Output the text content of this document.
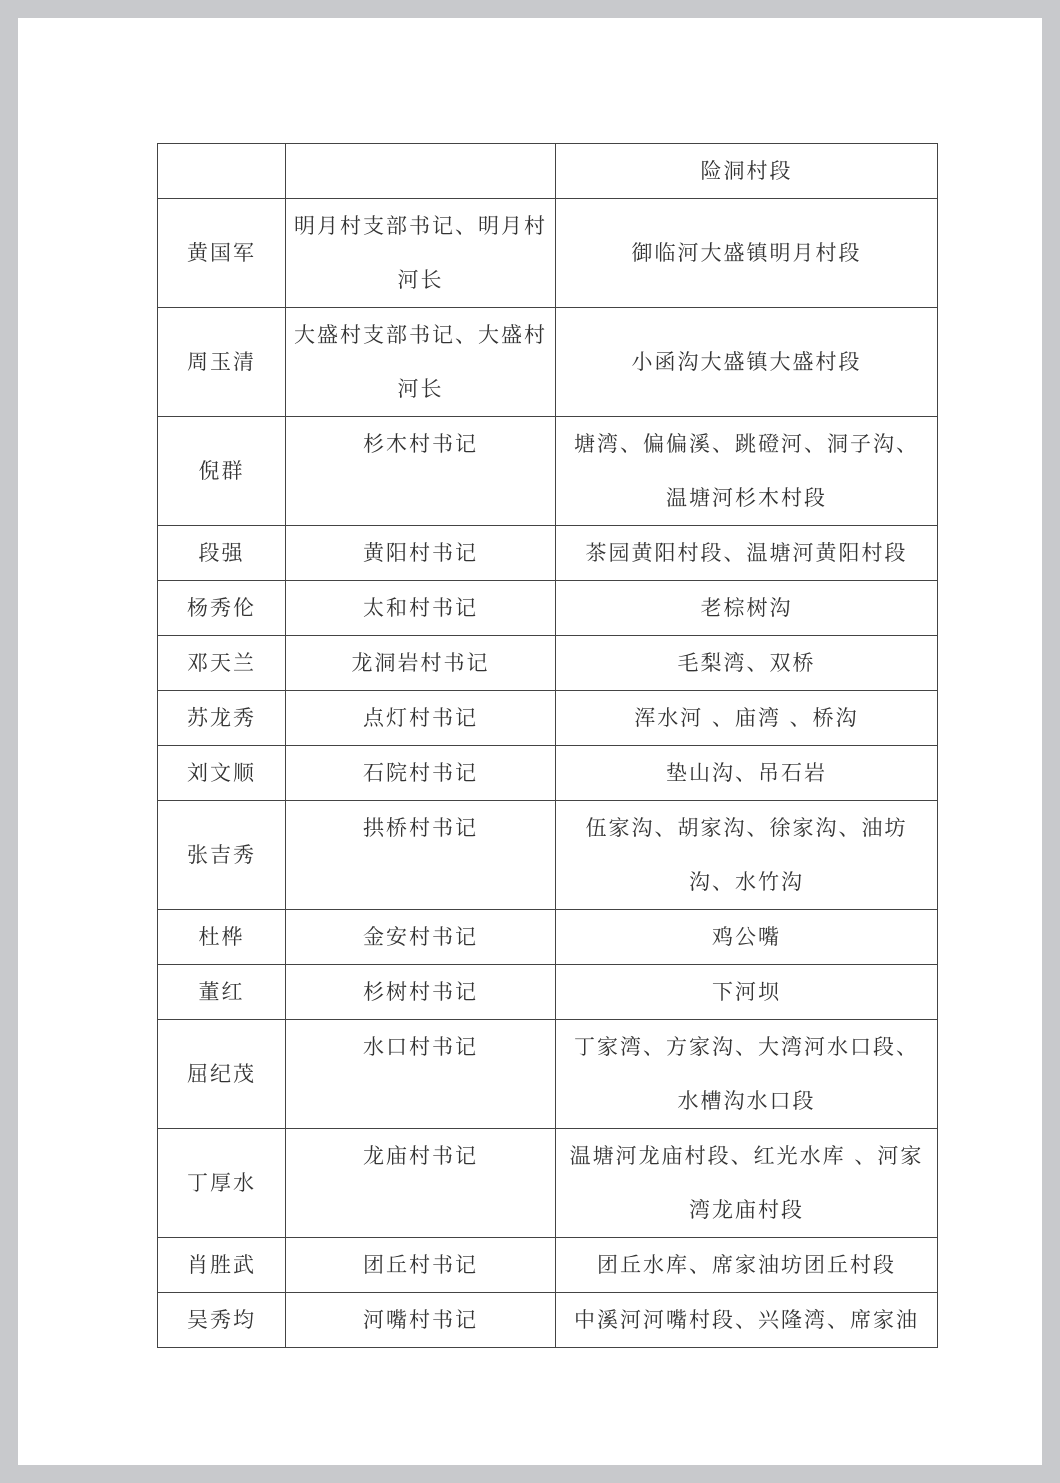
		险洞村段
黄国军	明月村支部书记、明月村河长	御临河大盛镇明月村段
周玉清	大盛村支部书记、大盛村河长	小函沟大盛镇大盛村段
倪群	杉木村书记	塘湾、偏偏溪、跳磴河、洞子沟、温塘河杉木村段
段强	黄阳村书记	茶园黄阳村段、温塘河黄阳村段
杨秀伦	太和村书记	老棕树沟
邓天兰	龙洞岩村书记	毛梨湾、双桥
苏龙秀	点灯村书记	浑水河 、庙湾 、桥沟
刘文顺	石院村书记	垫山沟、吊石岩
张吉秀	拱桥村书记	伍家沟、胡家沟、徐家沟、油坊沟、水竹沟
杜桦	金安村书记	鸡公嘴
董红	杉树村书记	下河坝
屈纪茂	水口村书记	丁家湾、方家沟、大湾河水口段、水槽沟水口段
丁厚水	龙庙村书记	温塘河龙庙村段、红光水库 、河家湾龙庙村段
肖胜武	团丘村书记	团丘水库、席家油坊团丘村段
吴秀均	河嘴村书记	中溪河河嘴村段、兴隆湾、席家油
